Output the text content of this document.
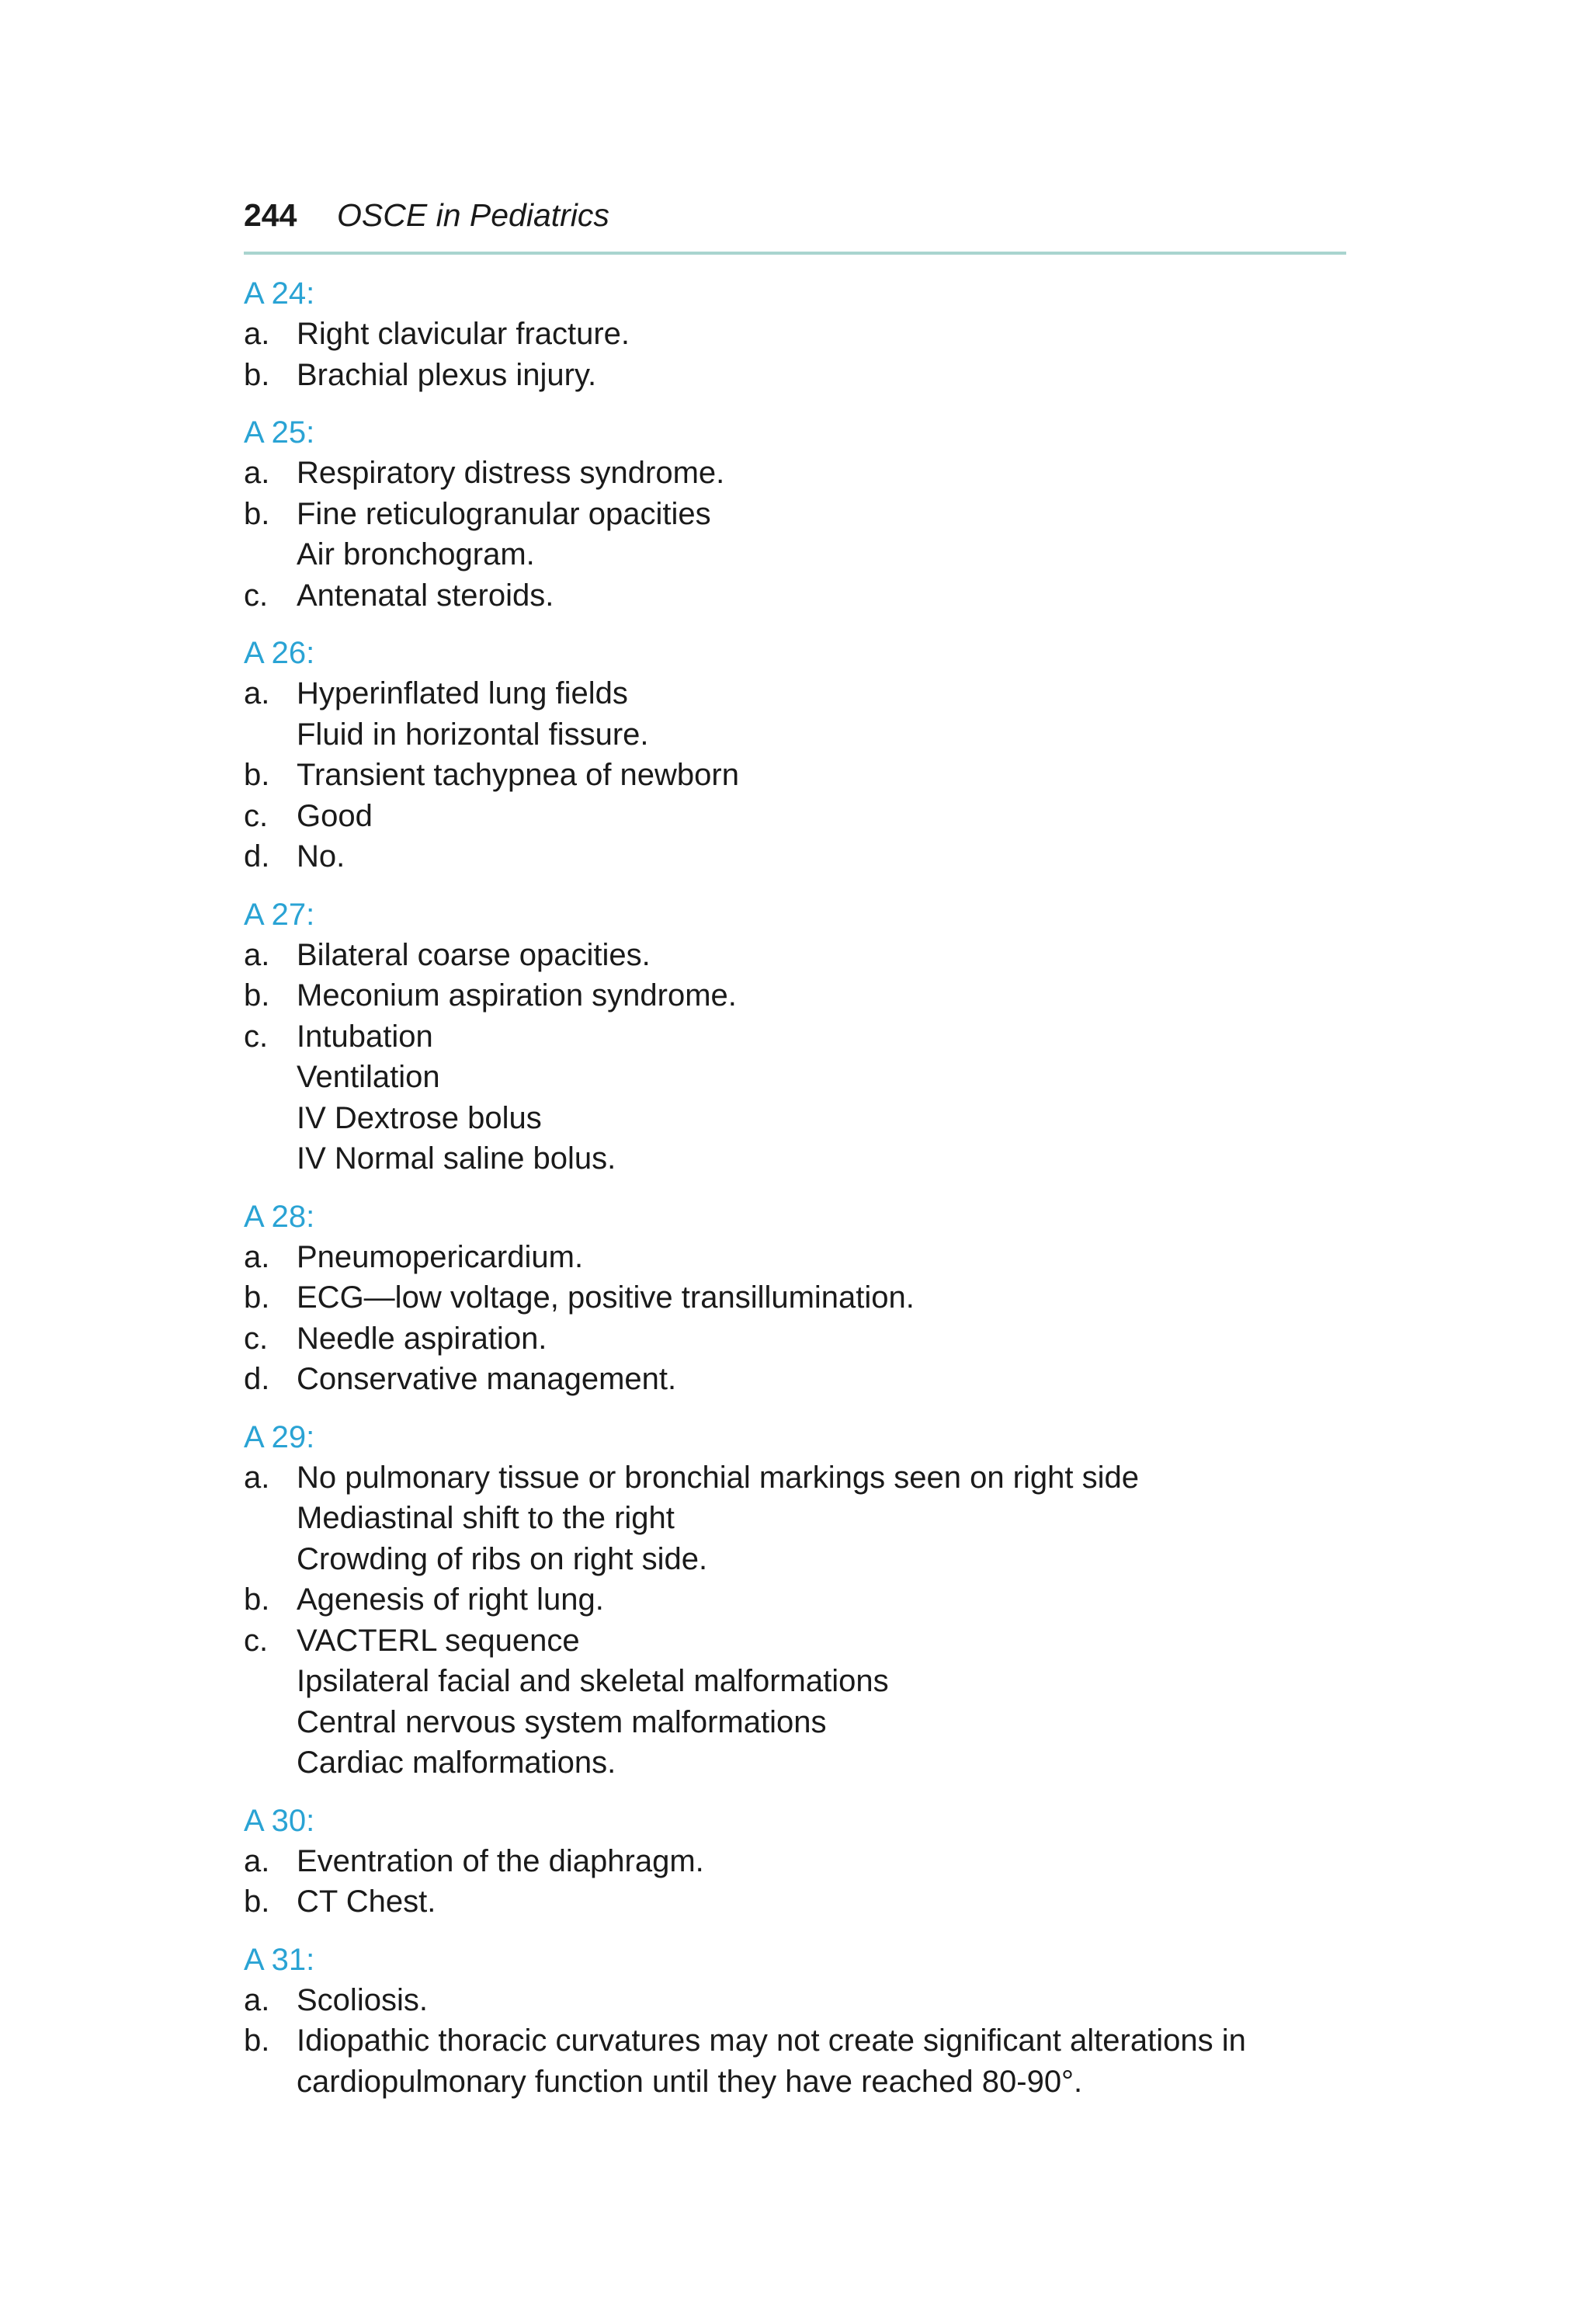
244 OSCE in Pediatrics
A 24:
a. Right clavicular fracture.
b. Brachial plexus injury.
A 25:
a. Respiratory distress syndrome.
b. Fine reticulogranular opacities
Air bronchogram.
c. Antenatal steroids.
A 26:
a. Hyperinflated lung fields
Fluid in horizontal fissure.
b. Transient tachypnea of newborn
c. Good
d. No.
A 27:
a. Bilateral coarse opacities.
b. Meconium aspiration syndrome.
c. Intubation
Ventilation
IV Dextrose bolus
IV Normal saline bolus.
A 28:
a. Pneumopericardium.
b. ECG—low voltage, positive transillumination.
c. Needle aspiration.
d. Conservative management.
A 29:
a. No pulmonary tissue or bronchial markings seen on right side
Mediastinal shift to the right
Crowding of ribs on right side.
b. Agenesis of right lung.
c. VACTERL sequence
Ipsilateral facial and skeletal malformations
Central nervous system malformations
Cardiac malformations.
A 30:
a. Eventration of the diaphragm.
b. CT Chest.
A 31:
a. Scoliosis.
b. Idiopathic thoracic curvatures may not create significant alterations in
cardiopulmonary function until they have reached 80-90°.
